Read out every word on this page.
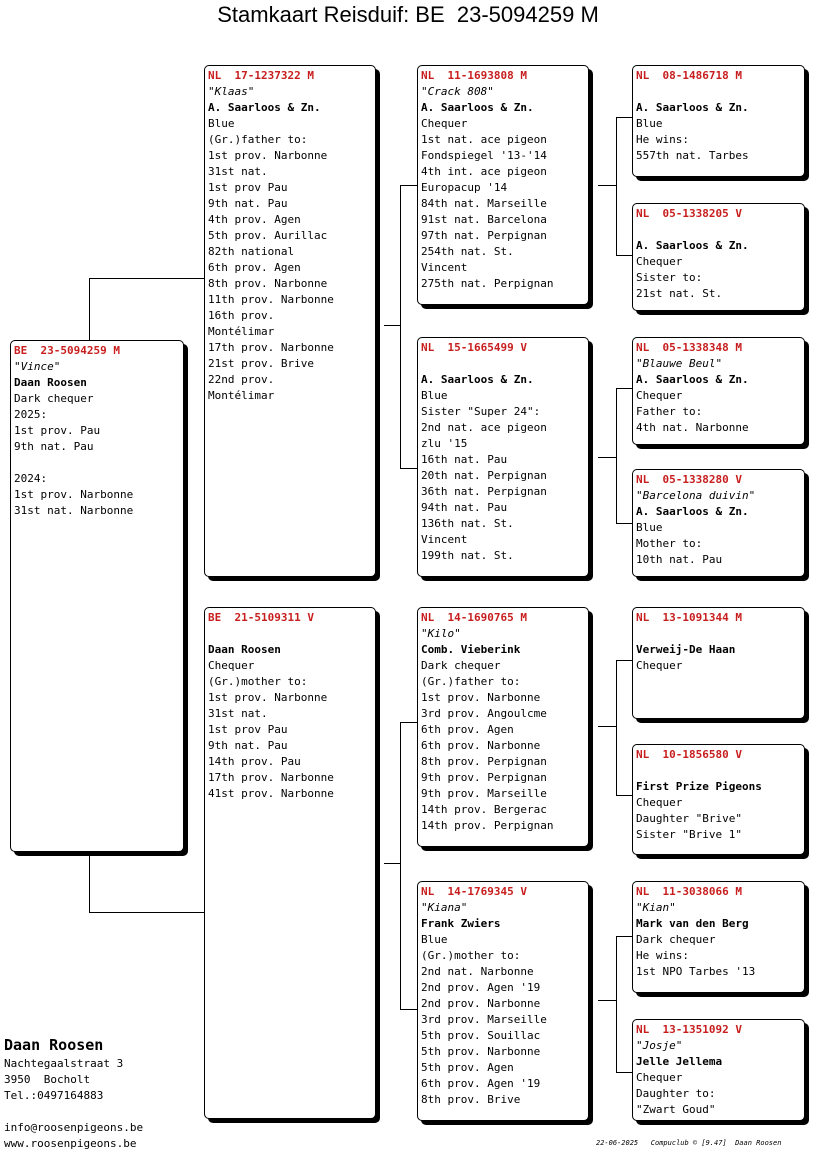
Stamkaart Reisduif: BE  23-5094259 M
BE  23-5094259 M
"Vince"
Daan Roosen
Dark chequer
2025:
1st prov. Pau
9th nat. Pau

2024:
1st prov. Narbonne
31st nat. Narbonne
NL  17-1237322 M
"Klaas"
A. Saarloos & Zn.
Blue
(Gr.)father to:
1st prov. Narbonne
31st nat.
1st prov Pau
9th nat. Pau
4th prov. Agen
5th prov. Aurillac
82th national
6th prov. Agen
8th prov. Narbonne
11th prov. Narbonne
16th prov.
Montélimar
17th prov. Narbonne
21st prov. Brive
22nd prov.
Montélimar
BE  21-5109311 V
Daan Roosen
Chequer
(Gr.)mother to:
1st prov. Narbonne
31st nat.
1st prov Pau
9th nat. Pau
14th prov. Pau
17th prov. Narbonne
41st prov. Narbonne
NL  11-1693808 M
"Crack 808"
A. Saarloos & Zn.
Chequer
1st nat. ace pigeon
Fondspiegel '13-'14
4th int. ace pigeon
Europacup '14
84th nat. Marseille
91st nat. Barcelona
97th nat. Perpignan
254th nat. St.
Vincent
275th nat. Perpignan
NL  15-1665499 V
A. Saarloos & Zn.
Blue
Sister "Super 24":
2nd nat. ace pigeon
zlu '15
16th nat. Pau
20th nat. Perpignan
36th nat. Perpignan
94th nat. Pau
136th nat. St.
Vincent
199th nat. St.
NL  14-1690765 M
"Kilo"
Comb. Vieberink
Dark chequer
(Gr.)father to:
1st prov. Narbonne
3rd prov. Angoulcme
6th prov. Agen
6th prov. Narbonne
8th prov. Perpignan
9th prov. Perpignan
9th prov. Marseille
14th prov. Bergerac
14th prov. Perpignan
NL  14-1769345 V
"Kiana"
Frank Zwiers
Blue
(Gr.)mother to:
2nd nat. Narbonne
2nd prov. Agen '19
2nd prov. Narbonne
3rd prov. Marseille
5th prov. Souillac
5th prov. Narbonne
5th prov. Agen
6th prov. Agen '19
8th prov. Brive
NL  08-1486718 M
A. Saarloos & Zn.
Blue
He wins:
557th nat. Tarbes
NL  05-1338205 V
A. Saarloos & Zn.
Chequer
Sister to:
21st nat. St.
NL  05-1338348 M
"Blauwe Beul"
A. Saarloos & Zn.
Chequer
Father to:
4th nat. Narbonne
NL  05-1338280 V
"Barcelona duivin"
A. Saarloos & Zn.
Blue
Mother to:
10th nat. Pau
NL  13-1091344 M
Verweij-De Haan
Chequer
NL  10-1856580 V
First Prize Pigeons
Chequer
Daughter "Brive"
Sister "Brive 1"
NL  11-3038066 M
"Kian"
Mark van den Berg
Dark chequer
He wins:
1st NPO Tarbes '13
NL  13-1351092 V
"Josje"
Jelle Jellema
Chequer
Daughter to:
"Zwart Goud"
Daan Roosen
Nachtegaalstraat 3
3950  Bocholt
Tel.:0497164883
info@roosenpigeons.be
www.roosenpigeons.be	22-06-2025   Compuclub © [9.47]  Daan Roosen
